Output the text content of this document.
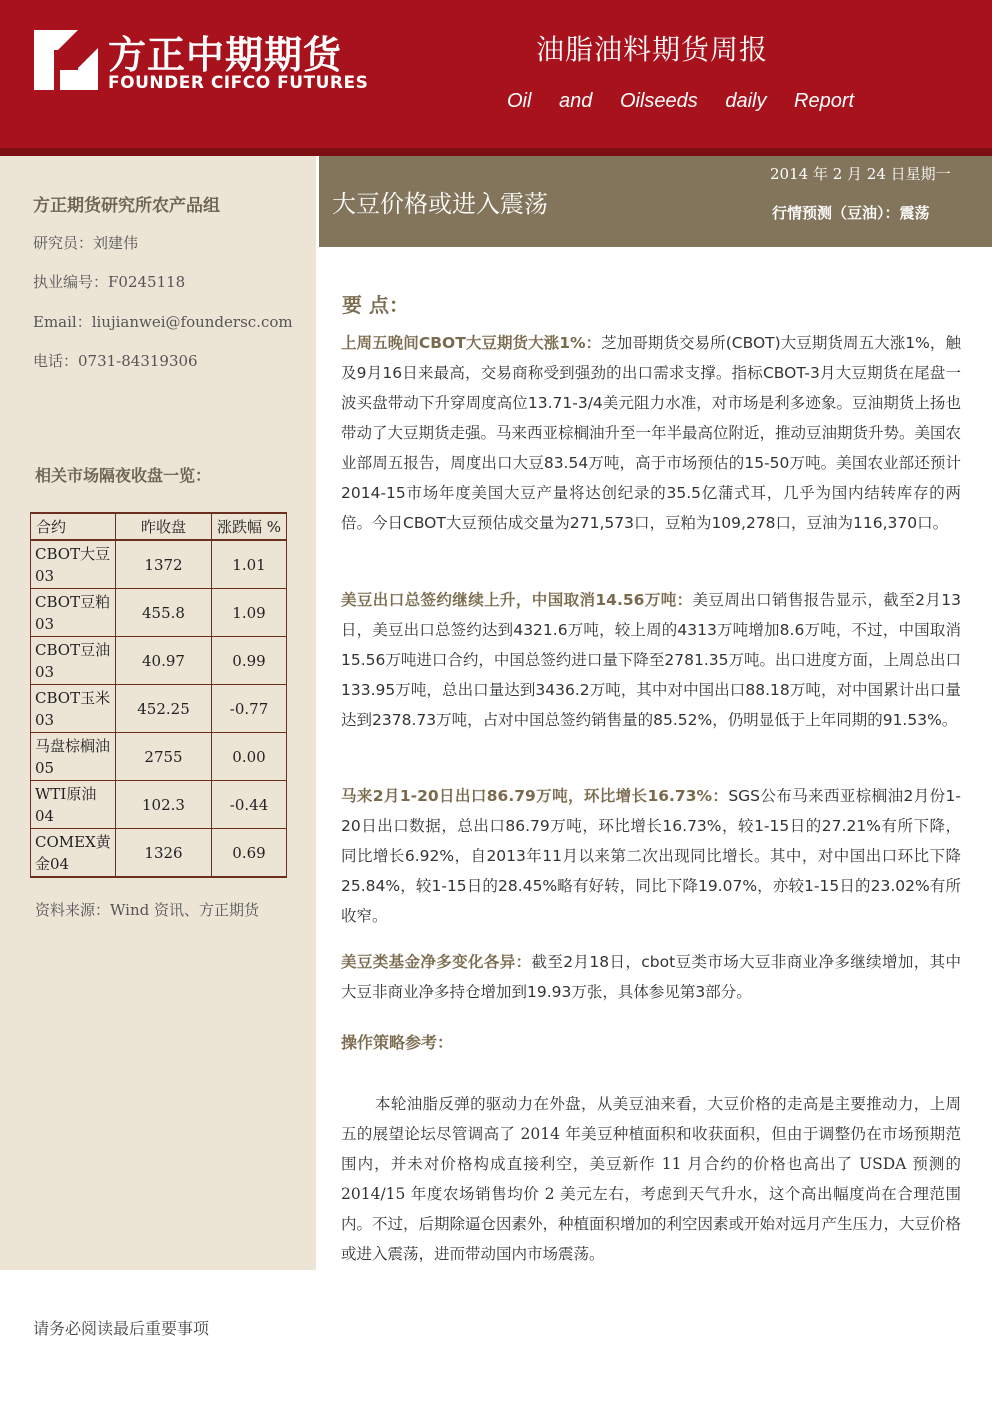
方正中期期货
FOUNDER CIFCO FUTURES
油脂油料期货周报
Oil and Oilseeds daily Report
方正期货研究所农产品组
研究员：刘建伟
执业编号：F0245118
Email：liujianwei@foundersc.com
电话：0731-84319306
相关市场隔夜收盘一览：
合约	昨收盘	涨跌幅 %
CBOT大豆03	1372	1.01
CBOT豆粕03	455.8	1.09
CBOT豆油03	40.97	0.99
CBOT玉米03	452.25	-0.77
马盘棕榈油05	2755	0.00
WTI原油04	102.3	-0.44
COMEX黄金04	1326	0.69
资料来源：Wind 资讯、方正期货
大豆价格或进入震荡
2014 年 2 月 24 日星期一
行情预测（豆油）：震荡
要 点：
上周五晚间CBOT大豆期货大涨1%：芝加哥期货交易所(CBOT)大豆期货周五大涨1%，触及9月16日来最高，交易商称受到强劲的出口需求支撑。指标CBOT-3月大豆期货在尾盘一波买盘带动下升穿周度高位13.71-3/4美元阻力水准，对市场是利多迹象。豆油期货上扬也带动了大豆期货走强。马来西亚棕榈油升至一年半最高位附近，推动豆油期货升势。美国农业部周五报告，周度出口大豆83.54万吨，高于市场预估的15-50万吨。美国农业部还预计2014-15市场年度美国大豆产量将达创纪录的35.5亿蒲式耳，几乎为国内结转库存的两倍。今日CBOT大豆预估成交量为271,573口，豆粕为109,278口，豆油为116,370口。
美豆出口总签约继续上升，中国取消14.56万吨：美豆周出口销售报告显示，截至2月13日，美豆出口总签约达到4321.6万吨，较上周的4313万吨增加8.6万吨，不过，中国取消15.56万吨进口合约，中国总签约进口量下降至2781.35万吨。出口进度方面，上周总出口133.95万吨，总出口量达到3436.2万吨，其中对中国出口88.18万吨，对中国累计出口量达到2378.73万吨，占对中国总签约销售量的85.52%，仍明显低于上年同期的91.53%。
马来2月1-20日出口86.79万吨，环比增长16.73%：SGS公布马来西亚棕榈油2月份1-20日出口数据，总出口86.79万吨，环比增长16.73%，较1-15日的27.21%有所下降，同比增长6.92%，自2013年11月以来第二次出现同比增长。其中，对中国出口环比下降25.84%，较1-15日的28.45%略有好转，同比下降19.07%，亦较1-15日的23.02%有所收窄。
美豆类基金净多变化各异：截至2月18日，cbot豆类市场大豆非商业净多继续增加，其中大豆非商业净多持仓增加到19.93万张，具体参见第3部分。
操作策略参考：
本轮油脂反弹的驱动力在外盘，从美豆油来看，大豆价格的走高是主要推动力，上周五的展望论坛尽管调高了 2014 年美豆种植面积和收获面积，但由于调整仍在市场预期范围内，并未对价格构成直接利空，美豆新作 11 月合约的价格也高出了 USDA 预测的 2014/15 年度农场销售均价 2 美元左右，考虑到天气升水，这个高出幅度尚在合理范围内。不过，后期除逼仓因素外，种植面积增加的利空因素或开始对远月产生压力，大豆价格或进入震荡，进而带动国内市场震荡。
请务必阅读最后重要事项
